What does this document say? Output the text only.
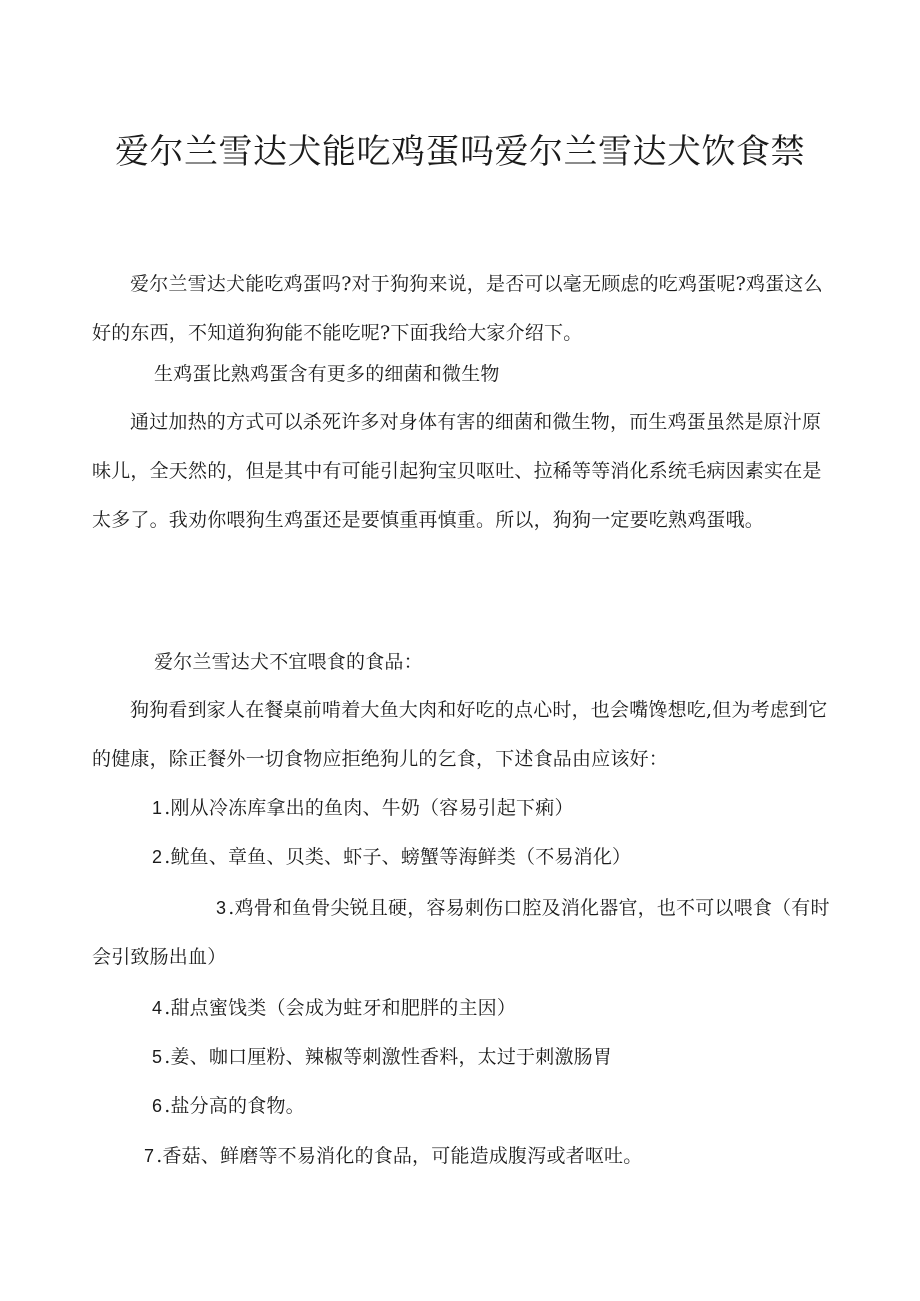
爱尔兰雪达犬能吃鸡蛋吗爱尔兰雪达犬饮食禁

爱尔兰雪达犬能吃鸡蛋吗?对于狗狗来说，是否可以毫无顾虑的吃鸡蛋呢?鸡蛋这么好的东西，不知道狗狗能不能吃呢?下面我给大家介绍下。

生鸡蛋比熟鸡蛋含有更多的细菌和微生物

通过加热的方式可以杀死许多对身体有害的细菌和微生物，而生鸡蛋虽然是原汁原味儿，全天然的，但是其中有可能引起狗宝贝呕吐、拉稀等等消化系统毛病因素实在是太多了。我劝你喂狗生鸡蛋还是要慎重再慎重。所以，狗狗一定要吃熟鸡蛋哦。

爱尔兰雪达犬不宜喂食的食品：

狗狗看到家人在餐桌前啃着大鱼大肉和好吃的点心时，也会嘴馋想吃,但为考虑到它的健康，除正餐外一切食物应拒绝狗儿的乞食，下述食品由应该好：

1 .刚从冷冻库拿出的鱼肉、牛奶（容易引起下痢）

2 .鱿鱼、章鱼、贝类、虾子、螃蟹等海鲜类（不易消化）

3 .鸡骨和鱼骨尖锐且硬，容易刺伤口腔及消化器官，也不可以喂食（有时会引致肠出血）

4 .甜点蜜饯类（会成为蛀牙和肥胖的主因）

5 .姜、咖口厘粉、辣椒等刺激性香料，太过于刺激肠胃

6 .盐分高的食物。

7 .香菇、鲜磨等不易消化的食品，可能造成腹泻或者呕吐。
